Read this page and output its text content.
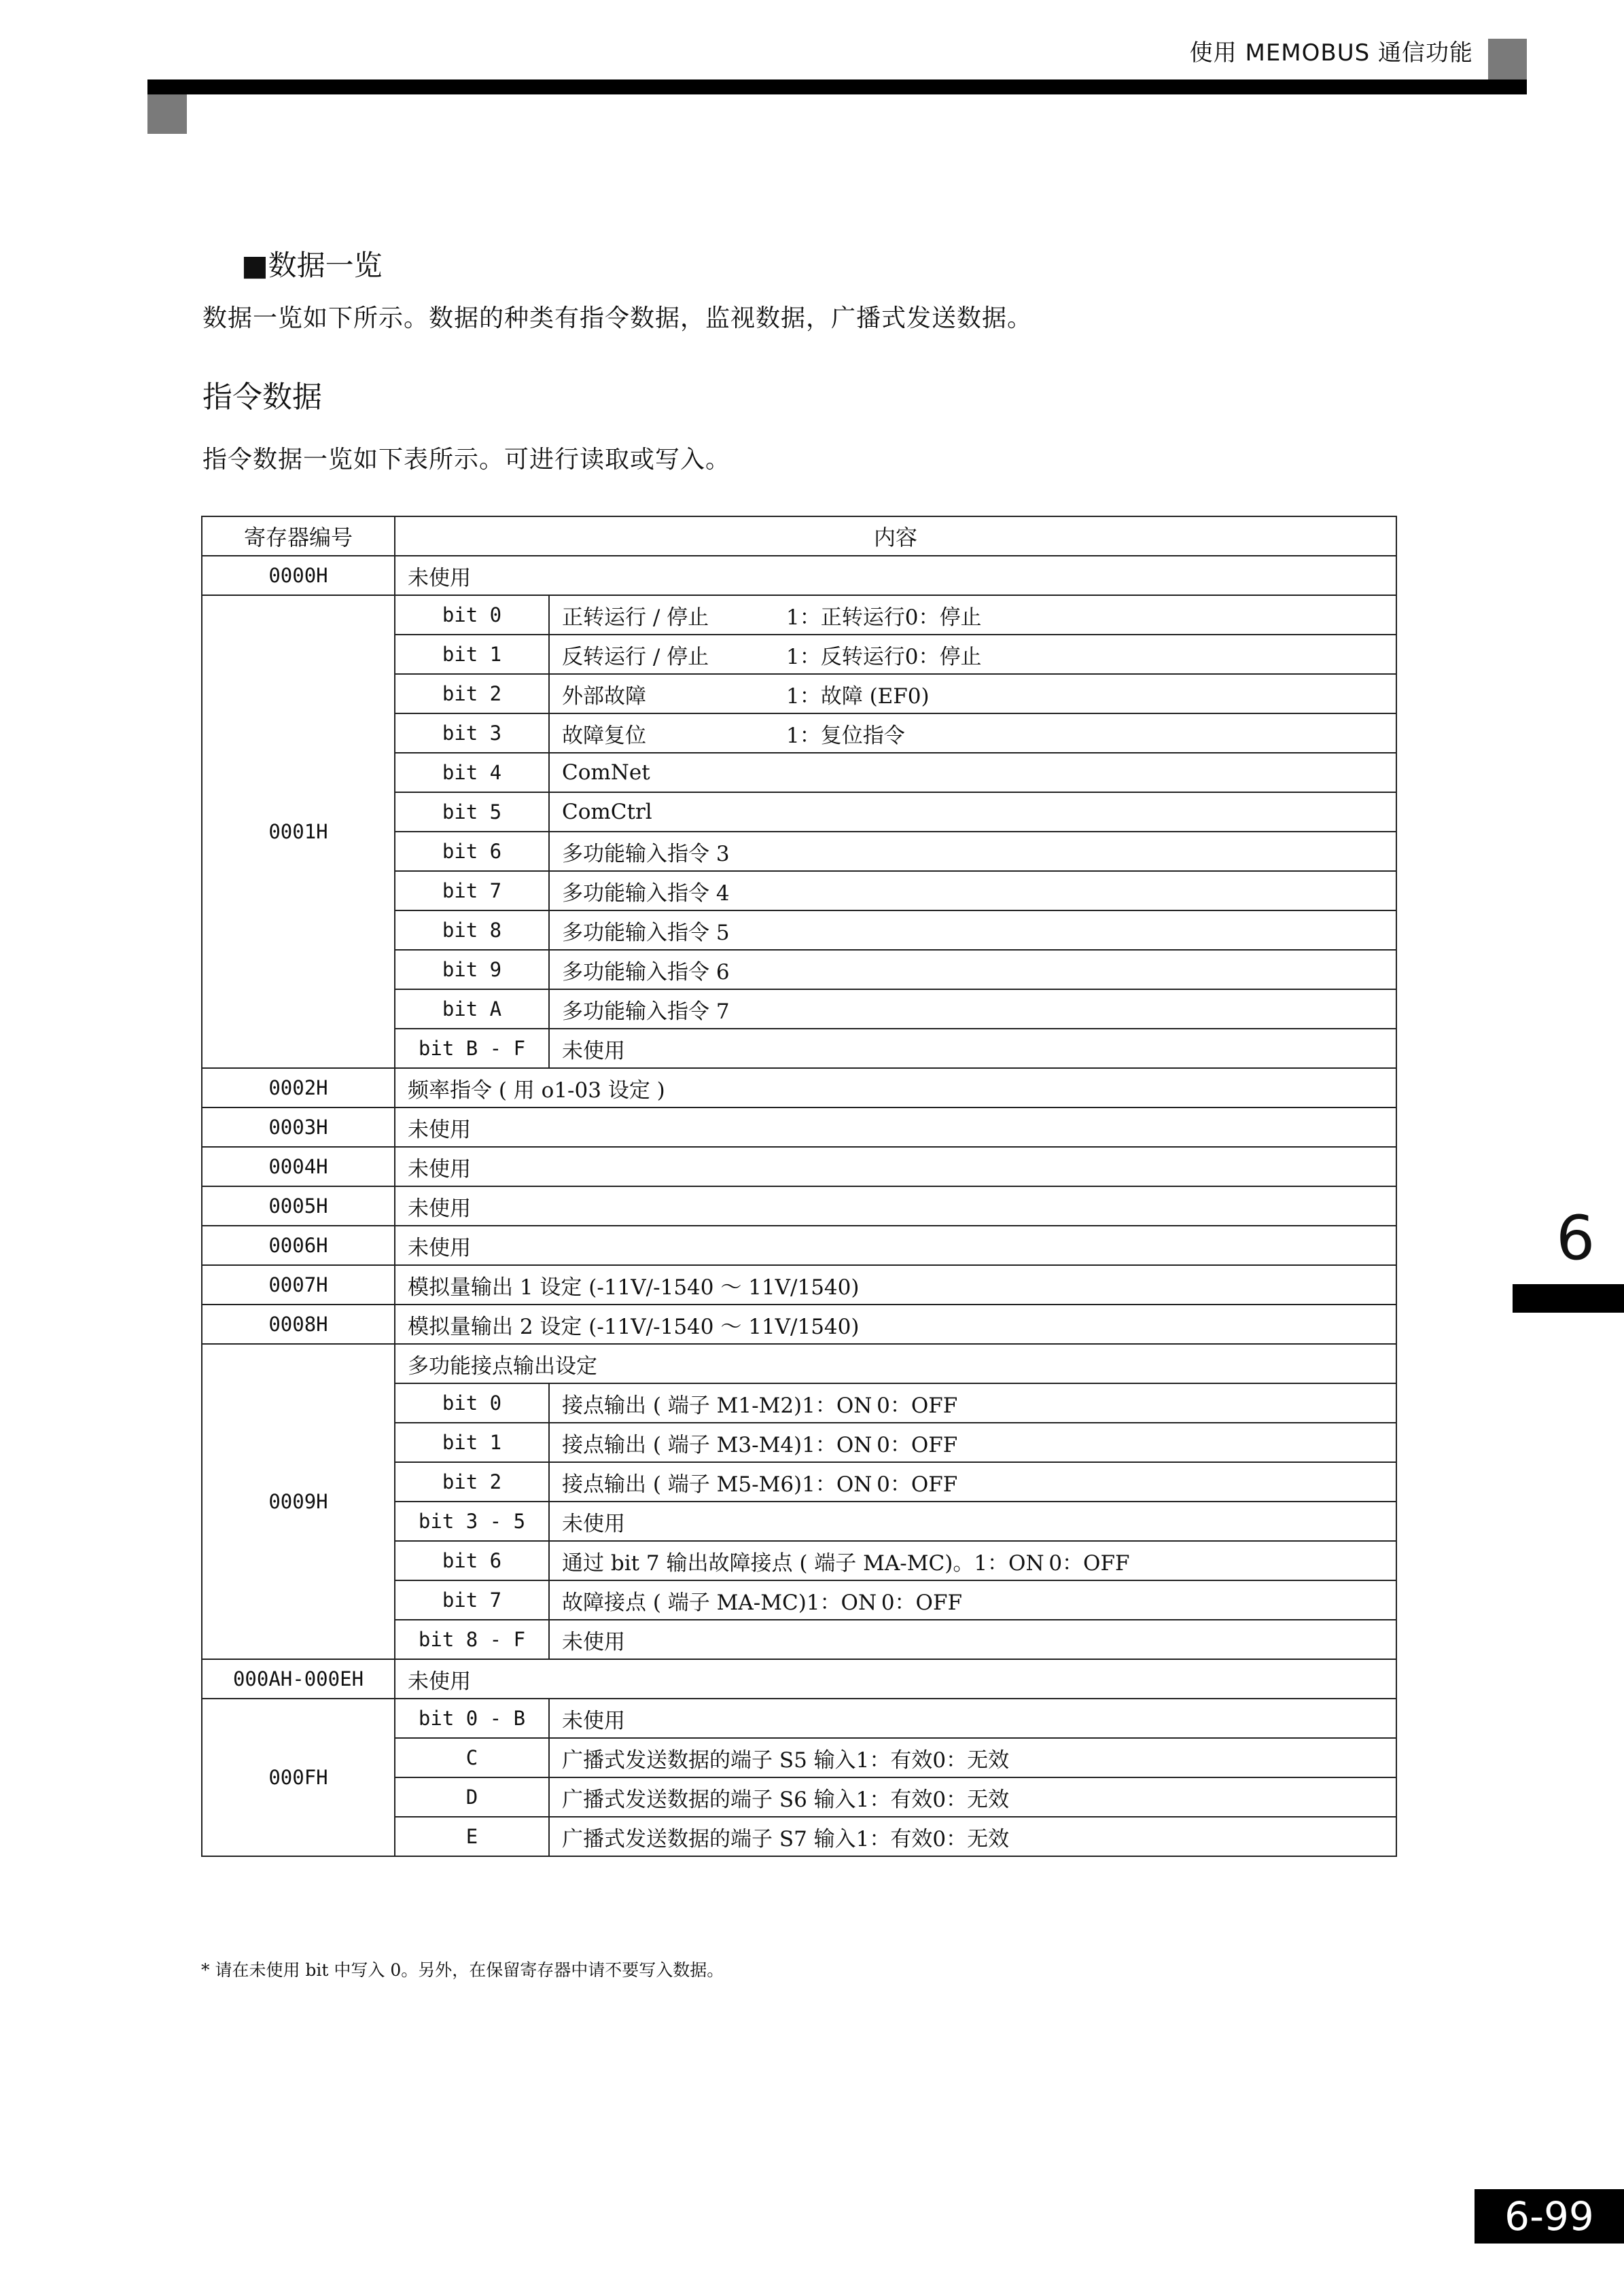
使用 MEMOBUS 通信功能
■数据一览
数据一览如下所示。数据的种类有指令数据，监视数据，广播式发送数据。
指令数据
指令数据一览如下表所示。可进行读取或写入。
寄存器编号	内容	
0000H	未使用	
0001H	bit 0	正转运行 / 停止 1：正转运行0：停止
	bit 1	反转运行 / 停止 1：反转运行0：停止
	bit 2	外部故障 1：故障 (EF0)
	bit 3	故障复位 1：复位指令
	bit 4	ComNet
	bit 5	ComCtrl
	bit 6	多功能输入指令 3
	bit 7	多功能输入指令 4
	bit 8	多功能输入指令 5
	bit 9	多功能输入指令 6
	bit A	多功能输入指令 7
	bit B - F	未使用
0002H	频率指令 ( 用 o1-03 设定 )	
0003H	未使用	
0004H	未使用	
0005H	未使用	
0006H	未使用	
0007H	模拟量输出 1 设定 (-11V/-1540 ～ 11V/1540)	
0008H	模拟量输出 2 设定 (-11V/-1540 ～ 11V/1540)	
0009H	多功能接点输出设定	
	bit 0	接点输出 ( 端子 M1-M2)1：ON 0：OFF
	bit 1	接点输出 ( 端子 M3-M4)1：ON 0：OFF
	bit 2	接点输出 ( 端子 M5-M6)1：ON 0：OFF
	bit 3 - 5	未使用
	bit 6	通过 bit 7 输出故障接点 ( 端子 MA-MC)。1：ON 0：OFF
	bit 7	故障接点 ( 端子 MA-MC)1：ON 0：OFF
	bit 8 - F	未使用
000AH-000EH	未使用	
000FH	bit 0 - B	未使用
	C	广播式发送数据的端子 S5 输入1：有效0：无效
	D	广播式发送数据的端子 S6 输入1：有效0：无效
	E	广播式发送数据的端子 S7 输入1：有效0：无效
* 请在未使用 bit 中写入 0。另外，在保留寄存器中请不要写入数据。
6
6-99
